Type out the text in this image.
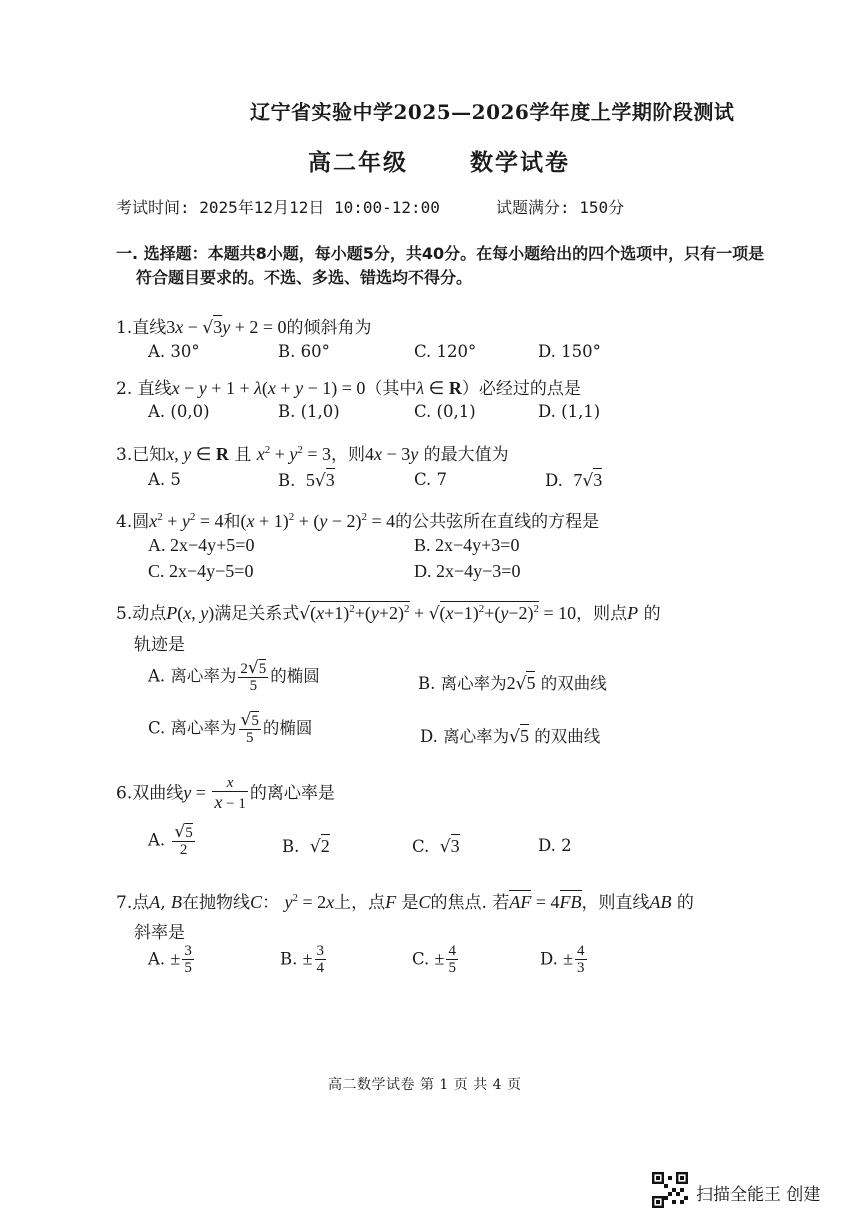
辽宁省实验中学2025—2026学年度上学期阶段测试
高二年级	数学试卷
考试时间: 2025年12月12日 10:00-12:00	试题满分: 150分
一. 选择题：本题共8小题，每小题5分，共40分。在每小题给出的四个选项中，只有一项是
符合题目要求的。不选、多选、错选均不得分。
1.直线3x − √3y + 2 = 0的倾斜角为
A. 30°	B. 60°	C. 120°	D. 150°
2. 直线x − y + 1 + λ(x + y − 1) = 0（其中λ ∈ R）必经过的点是
A. (0,0)	B. (1,0)	C. (0,1)	D. (1,1)
3.已知x, y ∈ R 且 $x^2 + y^2 = 3$，则4x − 3y 的最大值为
A. 5	B. 5√3	C. 7	D. 7√3
4.圆$x^2 + y^2 = 4$和$(x + 1)^2 + (y - 2)^2 = 4$的公共弦所在直线的方程是
A. 2x−4y+5=0	B. 2x−4y+3=0
C. 2x−4y−5=0	D. 2x−4y−3=0
5.动点P(x, y)满足关系式$√(x+1)^2+(y+2)^2 + √(x-1)^2+(y-2)^2 = 10$，则点P 的
轨迹是
A. 离心率为 $\frac{2√5}{5}$ 的椭圆	B. 离心率为2√5 的双曲线
C. 离心率为 $\frac{√5}{5}$ 的椭圆	D. 离心率为√5 的双曲线
6.双曲线$y = \frac{x}{x - 1}$ 的离心率是
A. $\frac{√5}{2}$	B. √2	C. √3	D. 2
7.点A, B在抛物线C： $y^2 = 2x$上，点F 是C的焦点. 若AF = 4FB，则直线AB 的
斜率是
A. ± $\frac{3}{5}$	B. ± $\frac{3}{4}$	C. ± $\frac{4}{5}$	D. ± $\frac{4}{3}$
高二数学试卷 第 1 页 共 4 页
扫描全能王 创建
